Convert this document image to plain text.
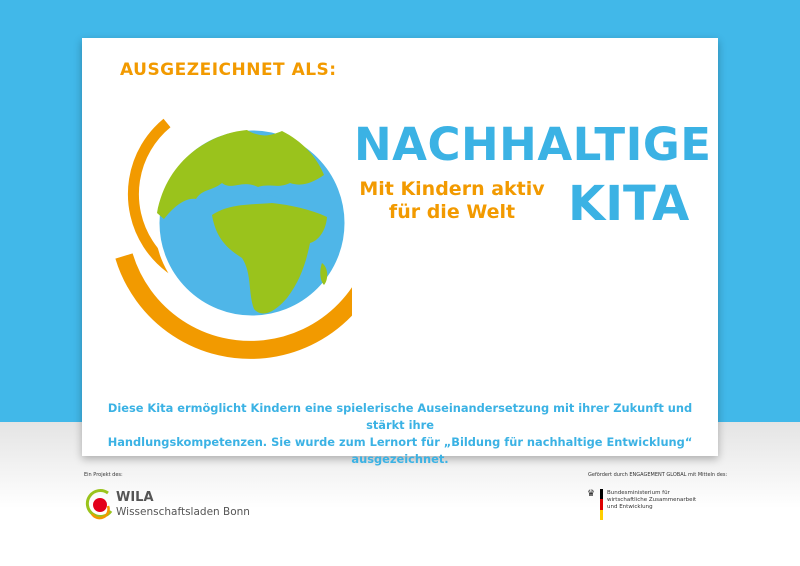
AUSGEZEICHNET ALS:
NACHHALTIGE
Mit Kindern aktiv
für die Welt	KITA
Diese Kita ermöglicht Kindern eine spielerische Auseinandersetzung mit ihrer Zukunft und stärkt ihre
Handlungskompetenzen. Sie wurde zum Lernort für „Bildung für nachhaltige Entwicklung“ ausgezeichnet.
Ein Projekt des:
WILA
Wissenschaftsladen Bonn
Gefördert durch ENGAGEMENT GLOBAL mit Mitteln des:
♛ Bundesministerium für
wirtschaftliche Zusammenarbeit
und Entwicklung
